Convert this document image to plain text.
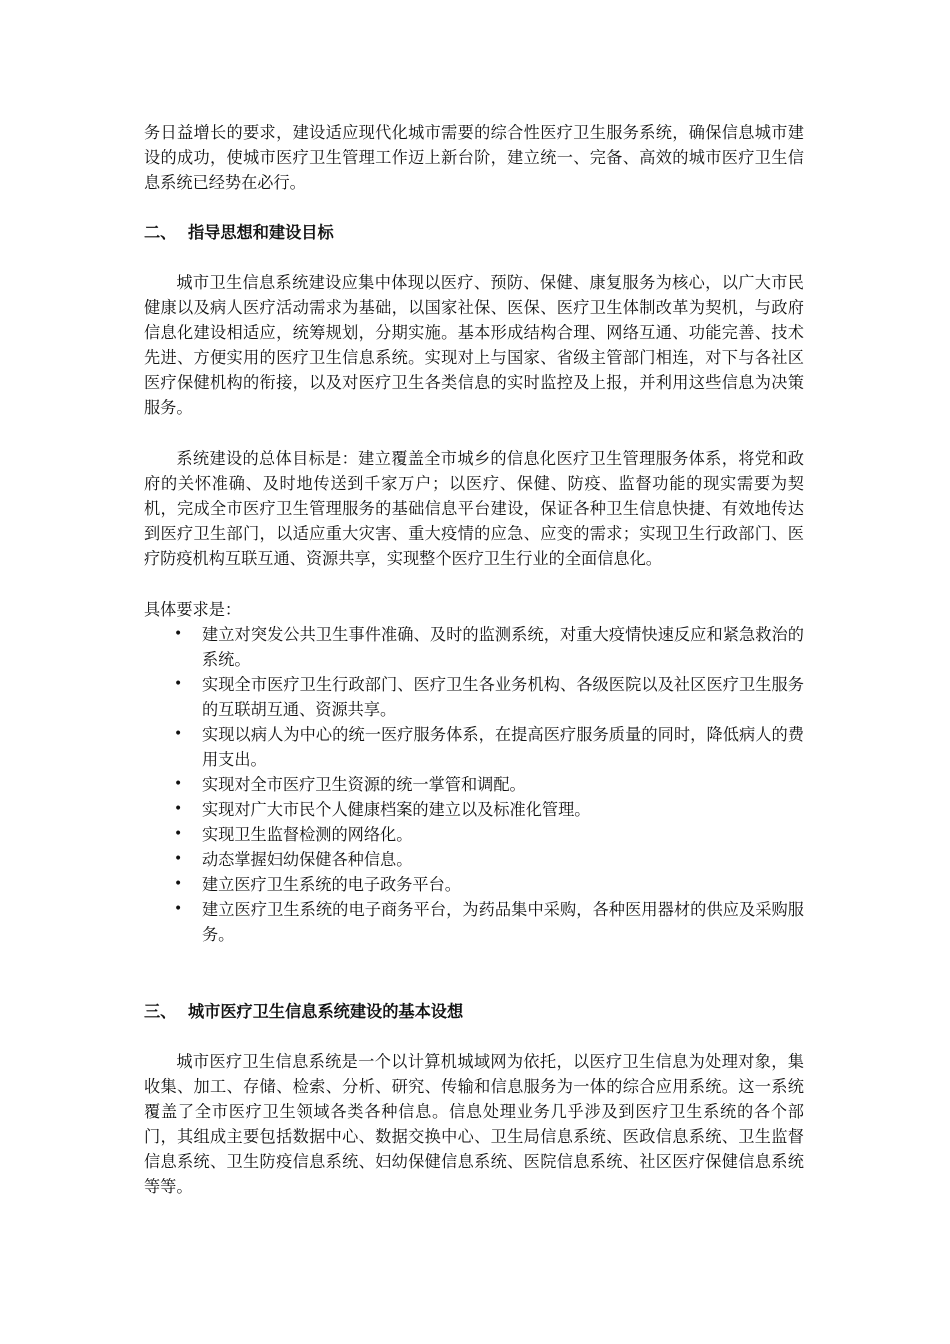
务日益增长的要求，建设适应现代化城市需要的综合性医疗卫生服务系统，确保信息城市建设的成功，使城市医疗卫生管理工作迈上新台阶，建立统一、完备、高效的城市医疗卫生信息系统已经势在必行。

二、 指导思想和建设目标

城市卫生信息系统建设应集中体现以医疗、预防、保健、康复服务为核心，以广大市民健康以及病人医疗活动需求为基础，以国家社保、医保、医疗卫生体制改革为契机，与政府信息化建设相适应，统筹规划，分期实施。基本形成结构合理、网络互通、功能完善、技术先进、方便实用的医疗卫生信息系统。实现对上与国家、省级主管部门相连，对下与各社区医疗保健机构的衔接，以及对医疗卫生各类信息的实时监控及上报，并利用这些信息为决策服务。

系统建设的总体目标是：建立覆盖全市城乡的信息化医疗卫生管理服务体系，将党和政府的关怀准确、及时地传送到千家万户；以医疗、保健、防疫、监督功能的现实需要为契机，完成全市医疗卫生管理服务的基础信息平台建设，保证各种卫生信息快捷、有效地传达到医疗卫生部门，以适应重大灾害、重大疫情的应急、应变的需求；实现卫生行政部门、医疗防疫机构互联互通、资源共享，实现整个医疗卫生行业的全面信息化。

具体要求是：

• 建立对突发公共卫生事件准确、及时的监测系统，对重大疫情快速反应和紧急救治的系统。
• 实现全市医疗卫生行政部门、医疗卫生各业务机构、各级医院以及社区医疗卫生服务的互联胡互通、资源共享。
• 实现以病人为中心的统一医疗服务体系，在提高医疗服务质量的同时，降低病人的费用支出。
• 实现对全市医疗卫生资源的统一掌管和调配。
• 实现对广大市民个人健康档案的建立以及标准化管理。
• 实现卫生监督检测的网络化。
• 动态掌握妇幼保健各种信息。
• 建立医疗卫生系统的电子政务平台。
• 建立医疗卫生系统的电子商务平台，为药品集中采购，各种医用器材的供应及采购服务。
三、 城市医疗卫生信息系统建设的基本设想

城市医疗卫生信息系统是一个以计算机城域网为依托，以医疗卫生信息为处理对象，集收集、加工、存储、检索、分析、研究、传输和信息服务为一体的综合应用系统。这一系统覆盖了全市医疗卫生领域各类各种信息。信息处理业务几乎涉及到医疗卫生系统的各个部门，其组成主要包括数据中心、数据交换中心、卫生局信息系统、医政信息系统、卫生监督信息系统、卫生防疫信息系统、妇幼保健信息系统、医院信息系统、社区医疗保健信息系统等等。
